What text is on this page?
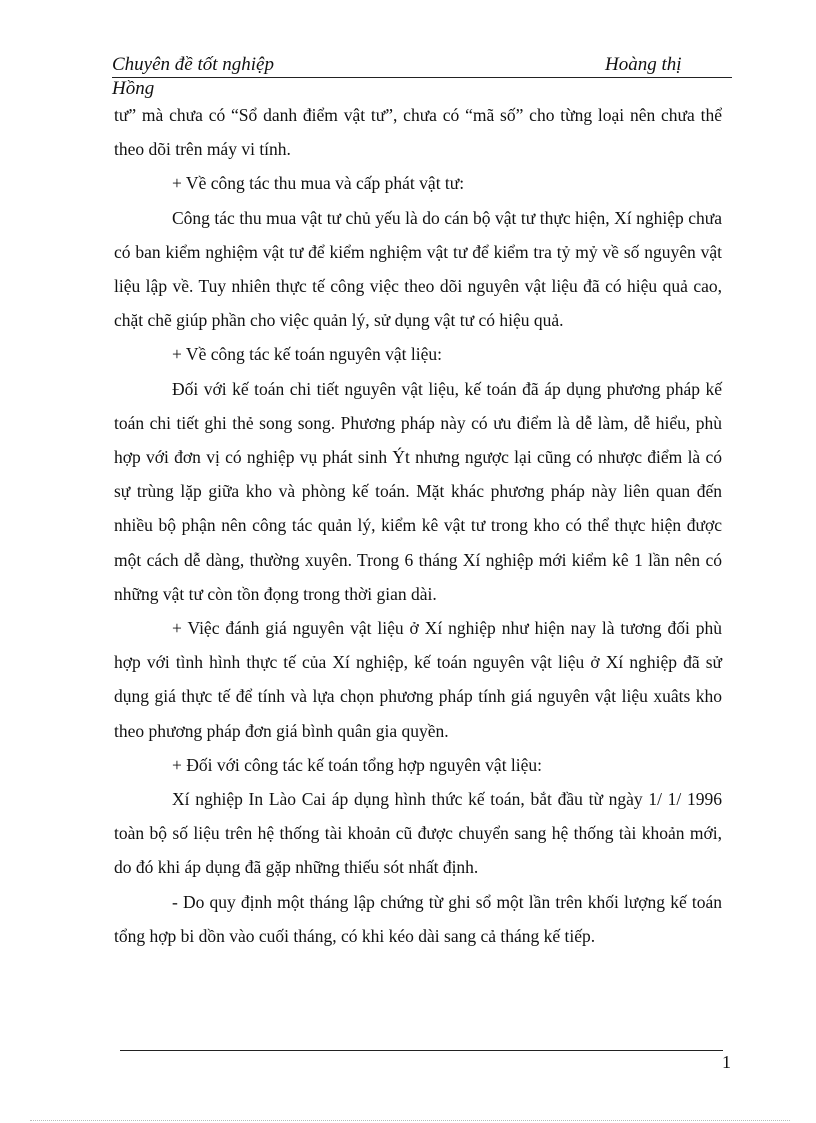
Chuyên đề tốt nghiệp	Hoàng thị
Hồng

tư” mà chưa có “Sổ danh điểm vật tư”, chưa có “mã số” cho từng loại nên chưa thể theo dõi trên máy vi tính.

+ Về công tác thu mua và cấp phát vật tư:

Công tác thu mua vật tư chủ yếu là do cán bộ vật tư thực hiện, Xí nghiệp chưa có ban kiểm nghiệm vật tư để kiểm nghiệm vật tư để kiểm tra tỷ mỷ về số nguyên vật liệu lập về. Tuy nhiên thực tế công việc theo dõi nguyên vật liệu đã có hiệu quả cao, chặt chẽ giúp phần cho việc quản lý, sử dụng vật tư có hiệu quả.

+ Về công tác kế toán nguyên vật liệu:

Đối với kế toán chi tiết nguyên vật liệu, kế toán đã áp dụng phương pháp kế toán chi tiết ghi thẻ song song. Phương pháp này có ưu điểm là dễ làm, dễ hiểu, phù hợp với đơn vị có nghiệp vụ phát sinh Ýt nhưng ngược lại cũng có nhược điểm là có sự trùng lặp giữa kho và phòng kế toán. Mặt khác phương pháp này liên quan đến nhiều bộ phận nên công tác quản lý, kiểm kê vật tư trong kho có thể thực hiện được một cách dễ dàng, thường xuyên. Trong 6 tháng Xí nghiệp mới kiểm kê 1 lần nên có những vật tư còn tồn đọng trong thời gian dài.

+ Việc đánh giá nguyên vật liệu ở Xí nghiệp như hiện nay là tương đối phù hợp với tình hình thực tế của Xí nghiệp, kế toán nguyên vật liệu ở Xí nghiệp đã sử dụng giá thực tế để tính và lựa chọn phương pháp tính giá nguyên vật liệu xuâts kho theo phương pháp đơn giá bình quân gia quyền.

+ Đối với công tác kế toán tổng hợp nguyên vật liệu:

Xí nghiệp In Lào Cai áp dụng hình thức kế toán, bắt đầu từ ngày 1/ 1/ 1996 toàn bộ số liệu trên hệ thống tài khoản cũ được chuyển sang hệ thống tài khoản mới, do đó khi áp dụng đã gặp những thiếu sót nhất định.

- Do quy định một tháng lập chứng từ ghi sổ một lần trên khối lượng kế toán tổng hợp bi dồn vào cuối tháng, có khi kéo dài sang cả tháng kế tiếp.

1
